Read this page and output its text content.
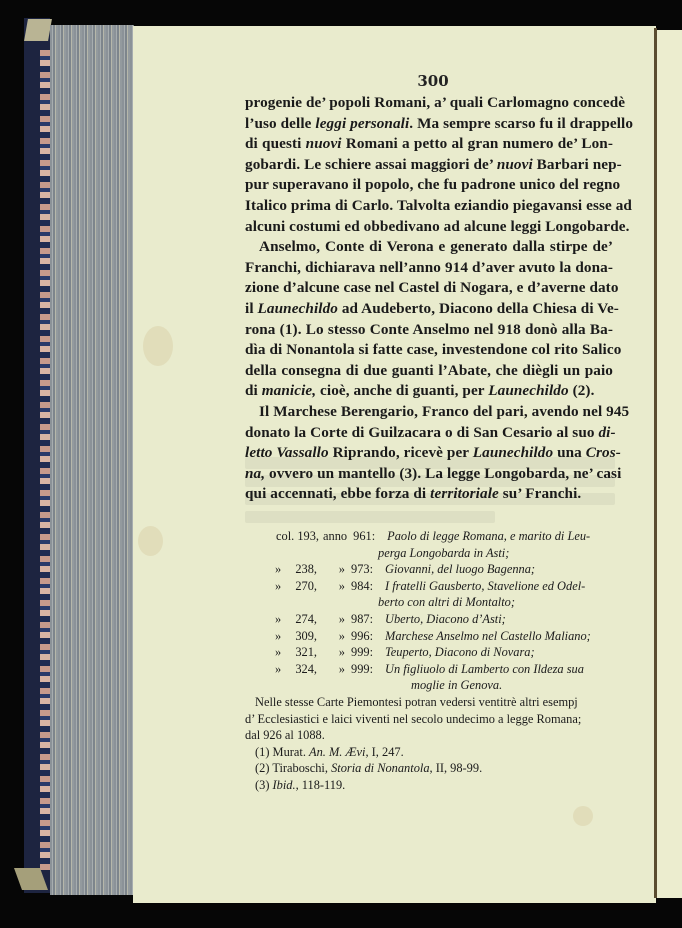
300
progenie de’ popoli Romani, a’ quali Carlomagno concedè
l’uso delle leggi personali. Ma sempre scarso fu il drappello
di questi nuovi Romani a petto al gran numero de’ Lon-
gobardi. Le schiere assai maggiori de’ nuovi Barbari nep-
pur superavano il popolo, che fu padrone unico del regno
Italico prima di Carlo. Talvolta eziandio piegavansi esse ad
alcuni costumi ed obbedivano ad alcune leggi Longobarde.
Anselmo, Conte di Verona e generato dalla stirpe de’
Franchi, dichiarava nell’anno 914 d’aver avuto la dona-
zione d’alcune case nel Castel di Nogara, e d’averne dato
il Launechildo ad Audeberto, Diacono della Chiesa di Ve-
rona (1). Lo stesso Conte Anselmo nel 918 donò alla Ba-
dìa di Nonantola si fatte case, investendone col rito Salico
della consegna di due guanti l’Abate, che diègli un paio
di manicie, cioè, anche di guanti, per Launechildo (2).
Il Marchese Berengario, Franco del pari, avendo nel 945
donato la Corte di Guilzacara o di San Cesario al suo di-
letto Vassallo Riprando, ricevè per Launechildo una Cros-
na, ovvero un mantello (3). La legge Longobarda, ne’ casi
qui accennati, ebbe forza di territoriale su’ Franchi.
col. 193, anno 961: Paolo di legge Romana, e marito di Leu-
perga Longobarda in Asti;
»	238,	» 973: Giovanni, del luogo Bagenna;
»	270,	» 984: I fratelli Gausberto, Stavelione ed Odel-
berto con altri di Montalto;
»	274,	» 987: Uberto, Diacono d’Asti;
»	309,	» 996: Marchese Anselmo nel Castello Maliano;
»	321,	» 999: Teuperto, Diacono di Novara;
»	324,	» 999: Un figliuolo di Lamberto con Ildeza sua
moglie in Genova.
Nelle stesse Carte Piemontesi potran vedersi ventitrè altri esempj
d’ Ecclesiastici e laici viventi nel secolo undecimo a legge Romana;
dal 926 al 1088.
(1) Murat. An. M. Ævi, I, 247.
(2) Tiraboschi, Storia di Nonantola, II, 98-99.
(3) Ibid., 118-119.
